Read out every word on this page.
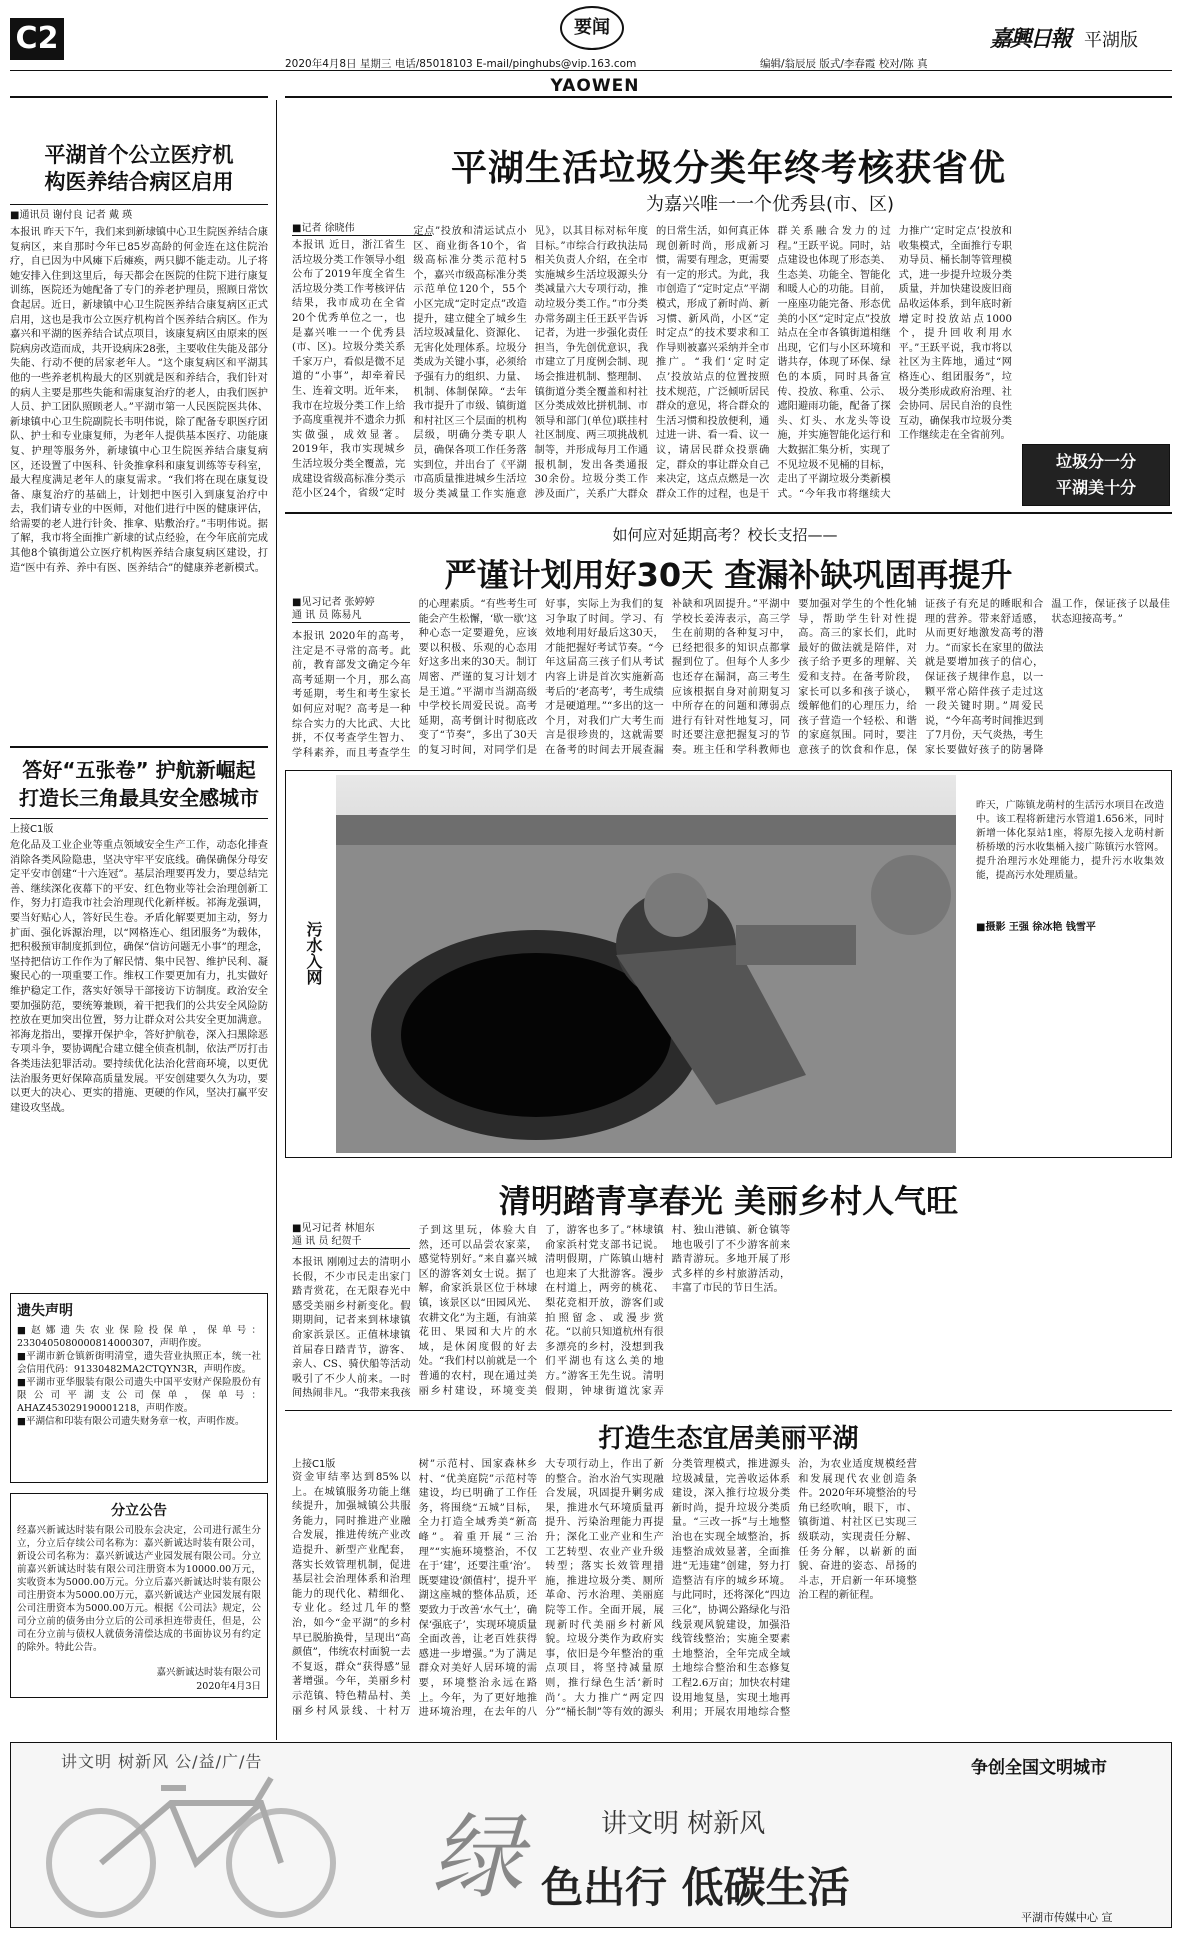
C2	要闻
2020年4月8日 星期三 电话/85018103 E-mail/pinghubs@vip.163.com	编辑/翁辰辰 版式/李春霞 校对/陈 真
YAOWEN
嘉興日報 平湖版
平湖首个公立医疗机
构医养结合病区启用
■通讯员 谢付良 记者 戴 瑛
本报讯 昨天下午，我们来到新埭镇中心卫生院医养结合康复病区，来自那时今年已85岁高龄的何金连在这住院治疗，自已因为中风瘫下后瘫痪，两只脚不能走动。儿子将她安排入住到这里后，每天都会在医院的住院下进行康复训练，医院还为她配备了专门的养老护理员，照顾日常饮食起居。近日，新埭镇中心卫生院医养结合康复病区正式启用，这也是我市公立医疗机构首个医养结合病区。作为嘉兴和平湖的医养结合试点项目，该康复病区由原来的医院病房改造而成，共开设病床28张，主要收住失能及部分失能、行动不便的居家老年人。“这个康复病区和平湖其他的一些养老机构最大的区别就是医和养结合，我们针对的病人主要是那些失能和需康复治疗的老人，由我们医护人员、护工团队照顾老人。”平湖市第一人民医院医共体、新埭镇中心卫生院副院长韦明伟说，除了配备专职医疗团队、护士和专业康复师，为老年人提供基本医疗、功能康复、护理等服务外，新埭镇中心卫生院医养结合康复病区，还设置了中医科、针灸推拿科和康复训练等专科室，最大程度满足老年人的康复需求。“我们将在现在康复设备、康复治疗的基础上，计划把中医引入到康复治疗中去，我们请专业的中医师，对他们进行中医的健康评估，给需要的老人进行针灸、推拿、贴敷治疗。”韦明伟说。据了解，我市将全面推广新埭的试点经验，在今年底前完成其他8个镇街道公立医疗机构医养结合康复病区建设，打造“医中有养、养中有医、医养结合”的健康养老新模式。
答好“五张卷” 护航新崛起
打造长三角最具安全感城市
上接C1版
危化品及工业企业等重点领域安全生产工作，动态化排查消除各类风险隐患，坚决守牢平安底线。确保确保分母安定平安市创建“十六连冠”。基层治理要再发力，要总结完善、继续深化夜幕下的平安、红色物业等社会治理创新工作，努力打造我市社会治理现代化新样板。祁海龙强调，要当好贴心人，答好民生卷。矛盾化解要更加主动，努力扩面、强化诉源治理，以“网格连心、组团服务”为载体，把积极预审制度抓到位，确保“信访问题无小事”的理念，坚持把信访工作作为了解民情、集中民智、维护民利、凝聚民心的一项重要工作。维权工作要更加有力，扎实做好维护稳定工作，落实好领导干部接访下访制度。政治安全要加强防范，要统筹兼顾，着干把我们的公共安全风险防控放在更加突出位置，努力让群众对公共安全更加满意。祁海龙指出，要撑开保护伞，答好护航卷，深入扫黑除恶专项斗争，要协调配合建立健全侦查机制，依法严厉打击各类违法犯罪活动。要持续优化法治化营商环境，以更优法治服务更好保障高质量发展。平安创建要久久为功，要以更大的决心、更实的措施、更硬的作风，坚决打赢平安建设攻坚战。
遗失声明
■赵娜遗失农业保险投保单，保单号：2330405080000814000307，声明作废。
■平湖市新仓镇新街明清堂，遗失营业执照正本，统一社会信用代码：91330482MA2CTQYN3R，声明作废。
■平湖市亚华服装有限公司遗失中国平安财产保险股份有限公司平湖支公司保单，保单号：AHAZ453029190001218，声明作废。
■平湖信和印装有限公司遗失财务章一枚，声明作废。
分立公告
经嘉兴新诚达时装有限公司股东会决定，公司进行派生分立，分立后存续公司名称为：嘉兴新诚达时装有限公司，新设公司名称为：嘉兴新诚达产业园发展有限公司。分立前嘉兴新诚达时装有限公司注册资本为10000.00万元，实收资本为5000.00万元。分立后嘉兴新诚达时装有限公司注册资本为5000.00万元，嘉兴新诚达产业园发展有限公司注册资本为5000.00万元。根据《公司法》规定，公司分立前的债务由分立后的公司承担连带责任，但是，公司在分立前与债权人就债务清偿达成的书面协议另有约定的除外。特此公告。
嘉兴新诚达时装有限公司
2020年4月3日
平湖生活垃圾分类年终考核获省优
为嘉兴唯一一个优秀县(市、区)
■记者 徐晓伟
本报讯 近日，浙江省生活垃圾分类工作领导小组公布了2019年度全省生活垃圾分类工作考核评估结果，我市成功在全省20个优秀单位之一，也是嘉兴唯一一个优秀县(市、区)。垃圾分类关系千家万户，看似是微不足道的“小事”，却牵着民生、连着文明。近年来，我市在垃圾分类工作上给予高度重视并不遗余力抓实做强，成效显著。2019年，我市实现城乡生活垃圾分类全覆盖，完成建设省级高标准分类示范小区24个，省级“定时定点”投放和清运试点小区、商业街各10个，省级高标准分类示范村5个，嘉兴市级高标准分类示范单位120个，55个小区完成“定时定点”改造提升，建立健全了城乡生活垃圾减量化、资源化、无害化处理体系。垃圾分类成为关键小事，必须给予强有力的组织、力量、机制、体制保障。“去年我市提升了市级、镇街道和村社区三个层面的机构层级，明确分类专职人员，确保各项工作任务落实到位，并出台了《平湖市高质量推进城乡生活垃圾分类减量工作实施意见》，以其目标对标年度目标。”市综合行政执法局相关负责人介绍，在全市实施城乡生活垃圾源头分类减量六大专项行动，推动垃圾分类工作。”市分类办常务副主任王跃平告诉记者，为进一步强化责任担当，争先创优意识，我市建立了月度例会制、现场会推进机制、整理制、镇街道分类全覆盖和村社区分类成效比拼机制、市领导和部门(单位)联挂村社区制度、两三项挑战机制等，并形成每月工作通报机制，发出各类通报30余份。垃圾分类工作涉及面广，关系广大群众的日常生活，如何真正体现创新时尚，形成新习惯，需要有理念，更需要有一定的形式。为此，我市创造了“定时定点”平湖模式，形成了新时尚、新习惯、新风尚，小区“定时定点”的技术要求和工作导则被嘉兴采纳并全市推广。“我们‘定时定点’投放站点的位置按照技术规范，广泛倾听居民群众的意见，将合群众的生活习惯和投放便利，通过进一讲、看一看、议一议，请居民群众投票确定，群众的事让群众自己来决定，这点点燃是一次群众工作的过程，也是干群关系融合发力的过程。”王跃平说。同时，站点建设也体现了形态美、生态美、功能全、智能化和暖人心的功能。目前，一座座功能完备、形态优美的小区“定时定点”投放站点在全市各镇街道相继出现，它们与小区环境和谐共存，体现了环保、绿色的本质，同时具备宣传、投放、称重、公示、遮阳避雨功能，配备了探头、灯头、水龙头等设施，并实施智能化运行和大数据汇集分析，实现了不见垃圾不见桶的目标，走出了平湖垃圾分类新模式。“今年我市将继续大力推广‘定时定点’投放和收集模式，全面推行专职劝导员、桶长制等管理模式，进一步提升垃圾分类质量，并加快建设废旧商品收运体系，到年底时新增定时投放站点1000个，提升回收利用水平。”王跃平说，我市将以社区为主阵地，通过“网格连心、组团服务”，垃圾分类形成政府治理、社会协同、居民自治的良性互动，确保我市垃圾分类工作继续走在全省前列。
垃圾分一分
平湖美十分
如何应对延期高考？校长支招——
严谨计划用好30天 查漏补缺巩固再提升
■见习记者 张婷婷
通 讯 员 陈易凡
本报讯 2020年的高考，注定是不寻常的高考。此前，教育部发文确定今年高考延期一个月，那么高考延期，考生和考生家长如何应对呢？高考是一种综合实力的大比武、大比拼，不仅考查学生智力、学科素养，而且考查学生的心理素质。“有些考生可能会产生松懈，‘歇一歇’这种心态一定要避免，应该要以积极、乐观的心态用好这多出来的30天。制订周密、严谨的复习计划才是王道。”平湖市当湖高级中学校长周爱民说。高考延期，高考倒计时彻底改变了“节奏”，多出了30天的复习时间，对同学们是好事，实际上为我们的复习争取了时间。学习、有效地利用好最后这30天，才能把握好考试节奏。“今年这届高三孩子们从考试内容上讲是首次实施新高考后的‘老高考’，考生成绩才是硬道理。”“多出的这一个月，对我们广大考生而言是很珍贵的，这就需要在备考的时间去开展查漏补缺和巩固提升。”平湖中学校长姜涛表示，高三学生在前期的各种复习中，已经把很多的知识点都掌握到位了。但每个人多少也还存在漏洞，高三考生应该根据自身对前期复习中所存在的问题和薄弱点进行有针对性地复习，同时还要注意把握复习的节奏。班主任和学科教师也要加强对学生的个性化辅导，帮助学生针对性提高。高三的家长们，此时最好的做法就是陪伴，对孩子给予更多的理解、关爱和支持。在备考阶段，家长可以多和孩子谈心，缓解他们的心理压力，给孩子营造一个轻松、和谐的家庭氛围。同时，要注意孩子的饮食和作息，保证孩子有充足的睡眠和合理的营养。带来舒适感，从而更好地激发高考的潜力。“而家长在家里的做法就是要增加孩子的信心，保证孩子规律作息，以一颗平常心陪伴孩子走过这一段关键时期。”周爱民说，“今年高考时间推迟到了7月份，天气炎热，考生家长要做好孩子的防暑降温工作，保证孩子以最佳状态迎接高考。”
污水入网
昨天，广陈镇龙萌村的生活污水项目在改造中。该工程将新建污水管道1.656米，同时新增一体化泵站1座，将原先接入龙萌村新桥桥墩的污水收集桶入接广陈镇污水管网。提升治理污水处理能力，提升污水收集效能，提高污水处理质量。
■摄影 王强 徐冰艳 钱雪平
清明踏青享春光 美丽乡村人气旺
■见习记者 林旭东
通 讯 员 纪贺千
本报讯 刚刚过去的清明小长假，不少市民走出家门踏青赏花，在无限春光中感受美丽乡村新变化。假期期间，记者来到林埭镇俞家浜景区。正值林埭镇首届春日踏青节，游客、亲人、CS、骑伏船等活动吸引了不少人前来。一时间热闹非凡。“我带来我孩子到这里玩，体验大自然，还可以品尝农家菜，感觉特别好。”来自嘉兴城区的游客刘女士说。据了解，俞家浜景区位于林埭镇，该景区以“田园风光、农耕文化”为主题，有油菜花田、果园和大片的水域，是休闲度假的好去处。“我们村以前就是一个普通的农村，现在通过美丽乡村建设，环境变美了，游客也多了。”林埭镇俞家浜村党支部书记说。清明假期，广陈镇山塘村也迎来了大批游客。漫步在村道上，两旁的桃花、梨花竞相开放，游客们或拍照留念、或漫步赏花。“以前只知道杭州有很多漂亮的乡村，没想到我们平湖也有这么美的地方。”游客王先生说。清明假期，钟埭街道沈家弄村、独山港镇、新仓镇等地也吸引了不少游客前来踏青游玩。多地开展了形式多样的乡村旅游活动，丰富了市民的节日生活。
打造生态宜居美丽平湖
上接C1版
资金审结率达到85%以上。在城镇服务功能上继续提升，加强城镇公共服务能力，同时推进产业融合发展，推进传统产业改造提升、新型产业配套，落实长效管理机制，促进基层社会治理体系和治理能力的现代化、精细化、专业化。经过几年的整治，如今“金平湖”的乡村早已脱胎换骨，呈现出“高颜值”，伟统农村面貌一去不复返，群众“获得感”显著增强。今年，美丽乡村示范镇、特色精品村、美丽乡村风景线、十村万树”示范村、国家森林乡村、“优美庭院”示范村等建设，均已明确了工作任务，将围绕“五城”目标，全力打造全域秀美“新高峰”。着重开展“三治理”“实施环境整治，不仅在于‘建’，还要注重‘治’。既要建设‘颜值村’，提升平湖这座城的整体品质，还要致力于改善‘水气土’，确保‘强底子’，实现环境质量全面改善，让老百姓获得感进一步增强。”为了满足群众对美好人居环境的需要，环境整治永远在路上。今年，为了更好地推进环境治理，在去年的八大专项行动上，作出了新的整合。治水治气实现融合发展，巩固提升剿劣成果，推进水气环境质量再提升、污染治理能力再提升；深化工业产业和生产工艺转型、农业产业升级转型；落实长效管理措施，推进垃圾分类、厕所革命、污水治理、美丽庭院等工作。全面开展，展现新时代美丽乡村新风貌。垃圾分类作为政府实事，依旧是今年整治的重点项目，将坚持减量原则，推行绿色生活‘新时尚’。大力推广“两定四分”“桶长制”等有效的源头分类管理模式，推进源头垃圾减量，完善收运体系建设，深入推行垃圾分类新时尚，提升垃圾分类质量。“三改一拆”与土地整治也在实现全域整治，拆违整治成效显著，全面推进“无违建”创建，努力打造整洁有序的城乡环境。与此同时，还将深化“四边三化”，协调公路绿化与沿线景观风貌建设，加强沿线管线整治；实施全要素土地整治，全年完成全域土地综合整治和生态修复工程2.6万亩；加快农村建设用地复垦，实现土地再利用；开展农用地综合整治，为农业适度规模经营和发展现代农业创造条件。2020年环境整治的号角已经吹响，眼下，市、镇街道、村社区已实现三级联动，实现责任分解、任务分解，以崭新的面貌、奋进的姿态、昂扬的斗志，开启新一年环境整治工程的新征程。
讲文明 树新风 公/益/广/告	争创全国文明城市
讲文明 树新风
绿 色出行 低碳生活
平湖市传媒中心 宣
